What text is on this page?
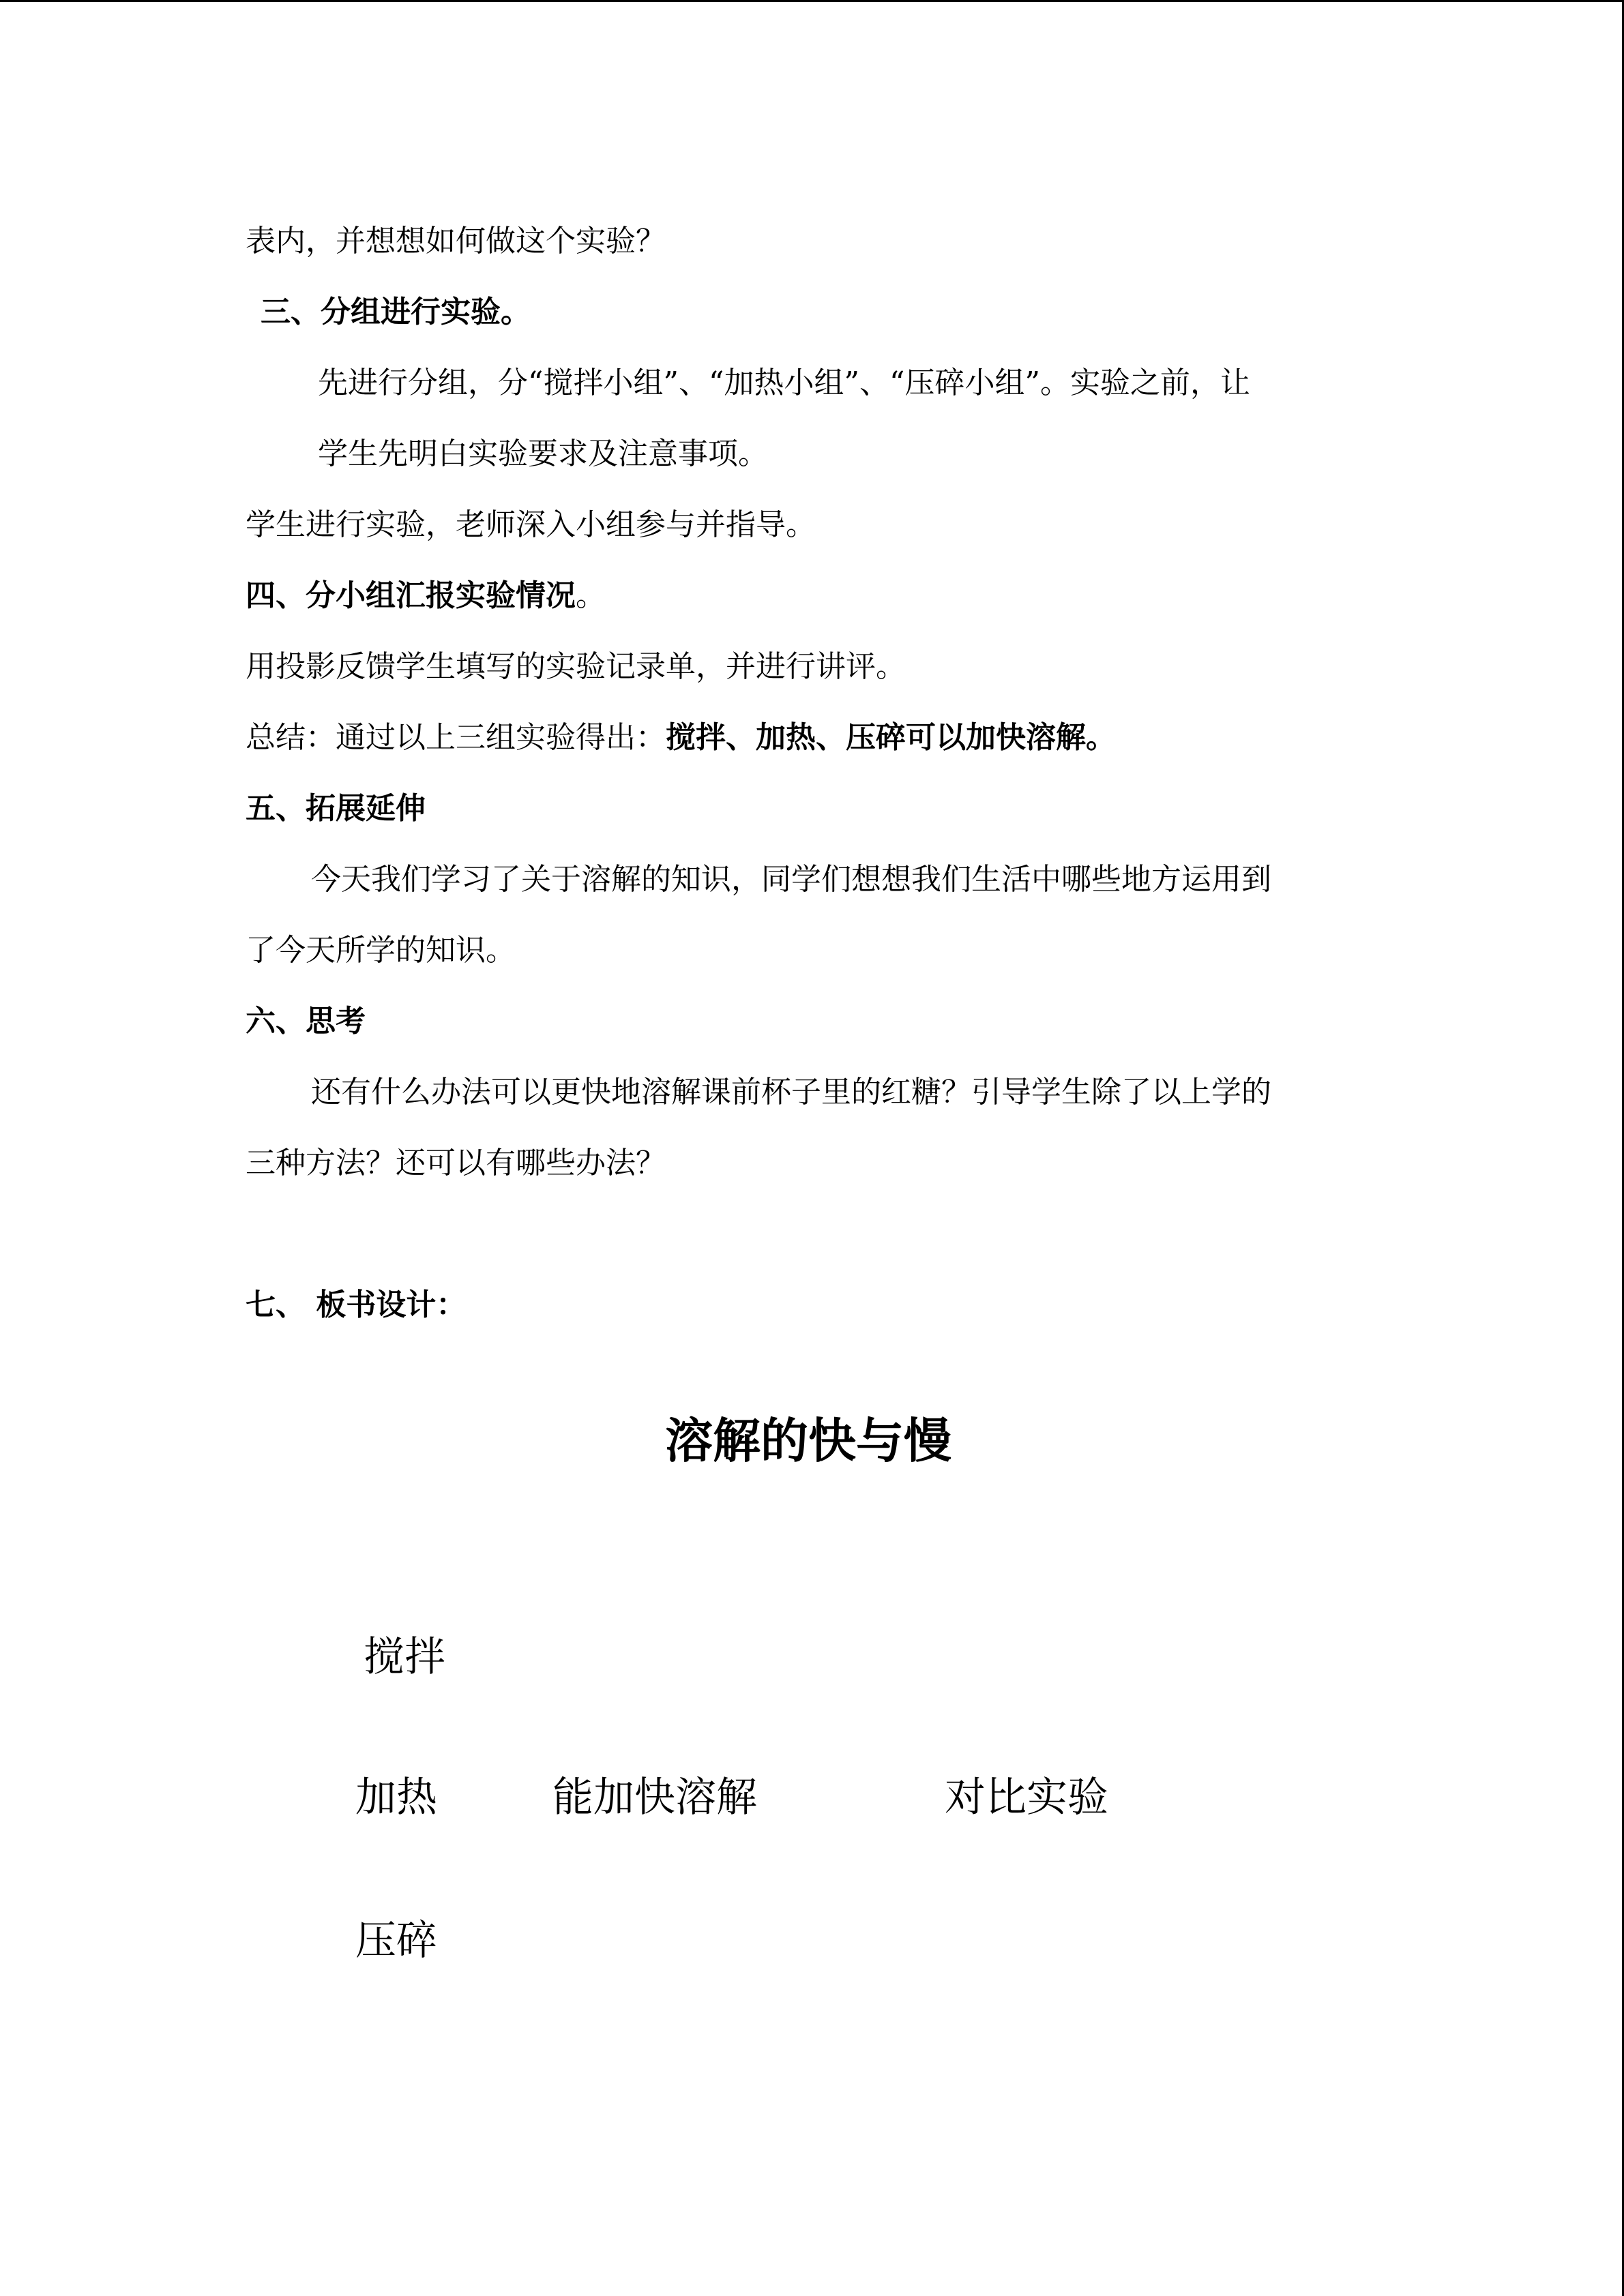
表内，并想想如何做这个实验？
三、分组进行实验。
先进行分组，分“搅拌小组”、“加热小组”、“压碎小组”。实验之前，让
学生先明白实验要求及注意事项。
学生进行实验，老师深入小组参与并指导。
四、分小组汇报实验情况。
用投影反馈学生填写的实验记录单，并进行讲评。
总结：通过以上三组实验得出：搅拌、加热、压碎可以加快溶解。
五、拓展延伸
今天我们学习了关于溶解的知识，同学们想想我们生活中哪些地方运用到
了今天所学的知识。
六、思考
还有什么办法可以更快地溶解课前杯子里的红糖？引导学生除了以上学的
三种方法？还可以有哪些办法？
七、 板书设计：
溶解的快与慢
搅拌
加热	能加快溶解	对比实验
压碎
